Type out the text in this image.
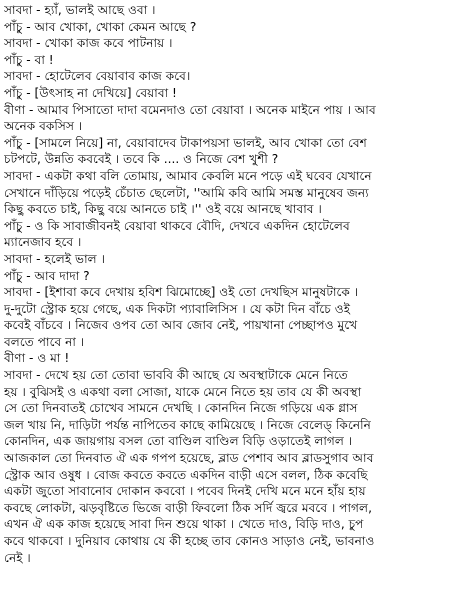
সাবদা - হ্যাঁ, ভালই আছে ওবা ।
পাঁচু - আব খোকা, খোকা কেমন আছে ?
সাবদা - খোকা কাজ কবে পাটনায় ।
পাঁচু - বা !
সাবদা - হোটেলেব বেয়াবাব কাজ কবে।
পাঁচু - [উৎসাহ না দেখিয়ে] বেয়াবা !
বীণা - আমাব পিসাতো দাদা বমেনদাও তো বেয়াবা । অনেক মাইনে পায় । আব
অনেক বকসিস ।
পাঁচু - [সামলে নিয়ে] না, বেয়াবাদেব টাকাপয়সা ভালই, আব খোকা তো বেশ
চটপটে, উন্নতি কববেই । তবে কি .... ও নিজে বেশ খুশী ?
সাবদা - একটা কথা বলি তোমায়, আমাব কেবলি মনে পড়ে এই ঘবেব যেখানে
সেখানে দাঁড়িয়ে পড়েই চেঁচাত ছেলেটা, ''আমি কবি আমি সমস্ত মানুষেব জন্য
কিছু কবতে চাই, কিছু বয়ে আনতে চাই ।'' ওই বয়ে আনছে খাবাব ।
পাঁচু - ও কি সাবাজীবনই বেয়াবা থাকবে বৌদি, দেখবে একদিন হোটেলেব
ম্যানেজাব হবে ।
সাবদা - হলেই ভাল ।
পাঁচু - আব দাদা ?
সাবদা - [ইশাবা কবে দেখায় হবিশ ঝিমোচ্ছে] ওই তো দেখছিস মানুষটাকে ।
দু-দুটো স্ট্রোক হয়ে গেছে, এক দিকটা প্যাবালিসিস । যে কটা দিন বাঁচে ওই
কবেই বাঁচবে । নিজেব ওপব তো আব জোব নেই, পায়খানা পেচ্ছাপও মুখে
বলতে পাবে না ।
বীণা - ও মা !
সাবদা - দেখে হয় তো তোবা ভাববি কী আছে যে অবস্থাটাকে মেনে নিতে
হয় । বুঝিসই ও একথা বলা সোজা, যাকে মেনে নিতে হয় তাব যে কী অবস্থা
সে তো দিনবাতই চোখেব সামনে দেখছি । কোনদিন নিজে গড়িয়ে এক গ্লাস
জল খায় নি, দাড়িটা পর্যন্ত নাপিতেব কাছে কামিয়েছে । নিজে বেলেড্ কিনেনি
কোনদিন, এক জায়গায় বসল তো বাণ্ডিল বাণ্ডিল বিড়ি ওড়াতেই লাগল ।
আজকাল তো দিনবাত ঐ এক গপপ হয়েছে, ব্লাড পেশাব আব ব্লাডসুগাব আব
স্ট্রোক আব ওষুধ । বোজ কবতে কবতে একদিন বাড়ী এসে বলল, ঠিক কবেছি
একটা জুতো সাবানোব দোকান কববো । পবেব দিনই দেখি মনে মনে হাঁয় হায়
কবছে লোকটা, ঝড়বৃষ্টিতে ভিজে বাড়ী ফিবলো ঠিক সর্দি জ্বরে মববে । পাগল,
এখন ঐ এক কাজ হয়েছে সাবা দিন শুয়ে থাকা । খেতে দাও, বিড়ি দাও, চুপ
কবে থাকবো । দুনিয়াব কোথায় যে কী হচ্ছে তাব কোনও সাড়াও নেই, ভাবনাও
নেই ।
